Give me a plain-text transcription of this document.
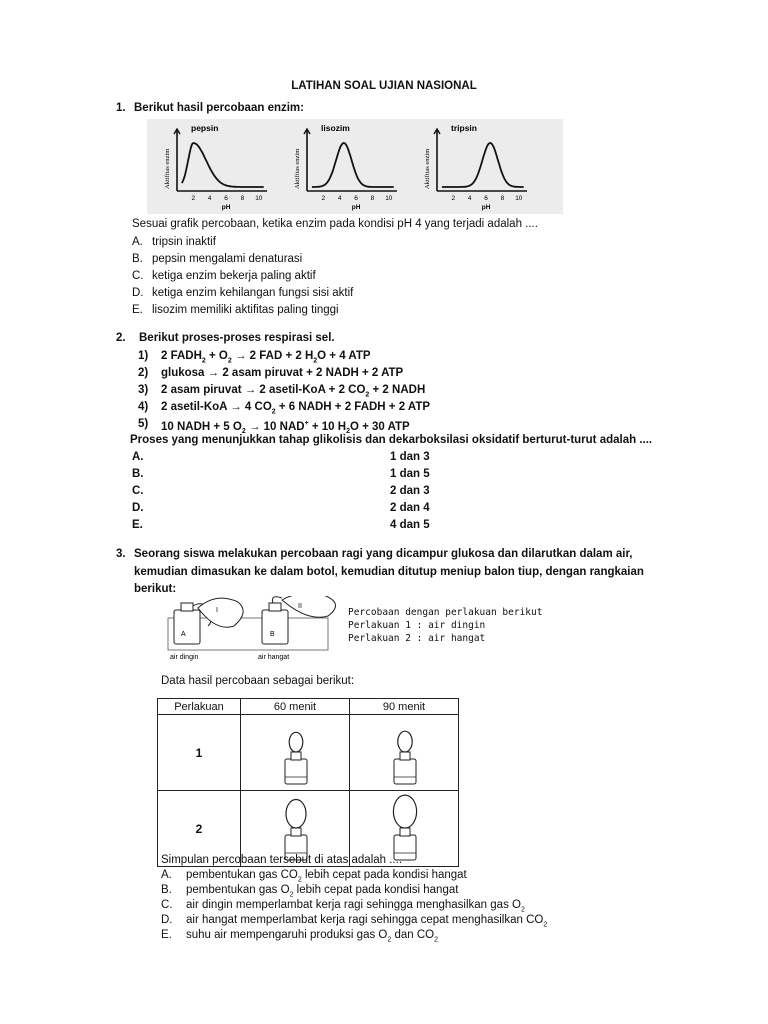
LATIHAN SOAL UJIAN NASIONAL
1. Berikut hasil percobaan enzim:
pepsin
Aktifitas enzim
2 4 6 8 10
pH
lisozim
Aktifitas enzim
2 4 6 8 10
pH
tripsin
Aktifitas enzim
2 4 6 8 10
pH
Sesuai grafik percobaan, ketika enzim pada kondisi pH 4 yang terjadi adalah ....
A. tripsin inaktif
B. pepsin mengalami denaturasi
C. ketiga enzim bekerja paling aktif
D. ketiga enzim kehilangan fungsi sisi aktif
E. lisozim memiliki aktifitas paling tinggi
2. Berikut proses-proses respirasi sel.
1) 2 $FADH_2 + O_2 \to 2$ FAD + 2 $H_2O + 4$ ATP
2) glukosa → 2 asam piruvat + 2 NADH + 2 ATP
3) 2 asam piruvat → 2 asetil-KoA + 2 $CO_2 + 2$ NADH
4) 2 asetil-KoA → 4 $CO_2 + 6$ NADH + 2 FADH + 2 ATP
5) 10 NADH + 5 $O_2 \to 10$ NAD+ + 10 $H_2O + 30$ ATP
Proses yang menunjukkan tahap glikolisis dan dekarboksilasi oksidatif berturut-turut adalah ....
A.	1 dan 3
B.	1 dan 5
C.	2 dan 3
D.	2 dan 4
E.	4 dan 5
3. Seorang siswa melakukan percobaan ragi yang dicampur glukosa dan dilarutkan dalam air,
kemudian dimasukan ke dalam botol, kemudian ditutup meniup balon tiup, dengan rangkaian
berikut:
A
I
air dingin
B
II
air hangat
Percobaan dengan perlakuan berikut
Perlakuan 1 : air dingin
Perlakuan 2 : air hangat
Data hasil percobaan sebagai berikut:
Perlakuan	60 menit	90 menit
1		
2		
Simpulan percobaan tersebut di atas adalah ....
A. pembentukan gas $CO_2$ lebih cepat pada kondisi hangat
B. pembentukan gas $O_2$ lebih cepat pada kondisi hangat
C. air dingin memperlambat kerja ragi sehingga menghasilkan gas $O_2$
D. air hangat memperlambat kerja ragi sehingga cepat menghasilkan $CO_2$
E. suhu air mempengaruhi produksi gas $O_2$ dan $CO_2$
